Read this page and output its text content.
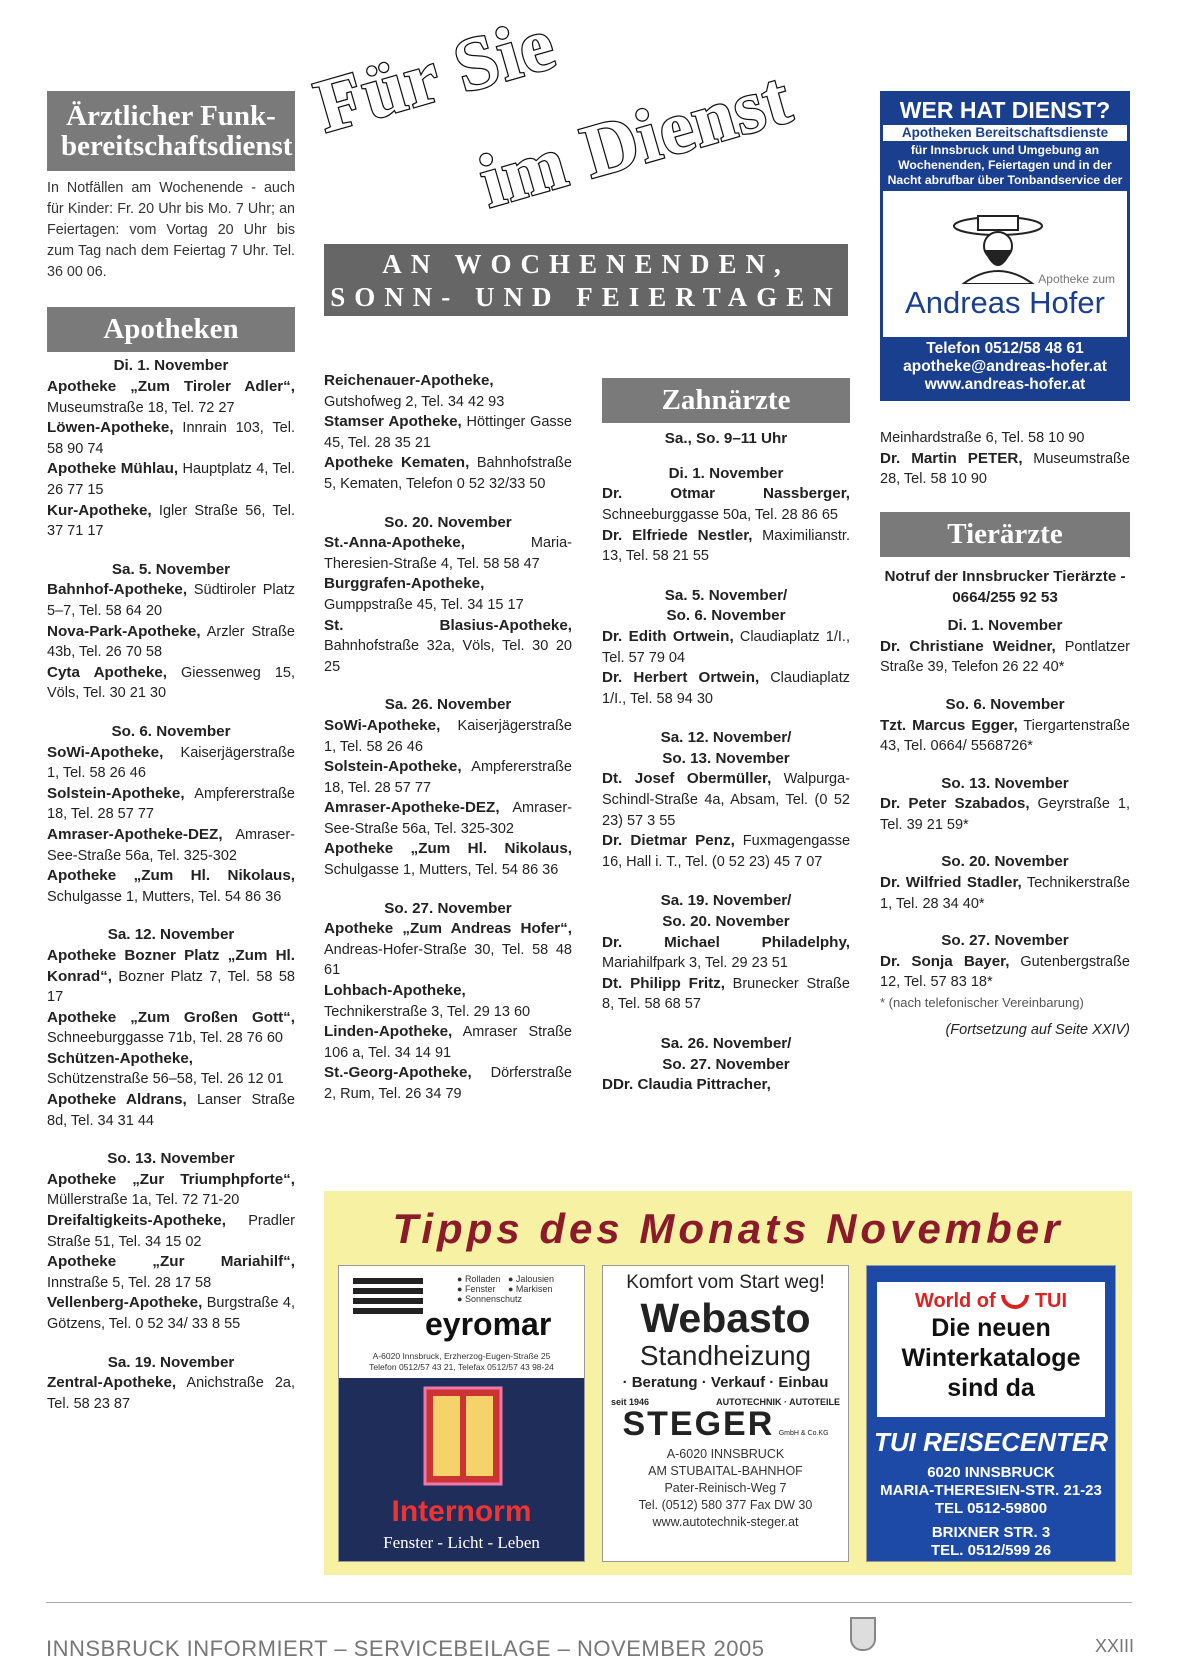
Ärztlicher Funk-bereitschaftsdienst
In Notfällen am Wochenende - auch für Kinder: Fr. 20 Uhr bis Mo. 7 Uhr; an Feiertagen: vom Vortag 20 Uhr bis zum Tag nach dem Feiertag 7 Uhr. Tel. 36 00 06.
Apotheken
Di. 1. November
Apotheke „Zum Tiroler Adler“, Museumstraße 18, Tel. 72 27
Löwen-Apotheke, Innrain 103, Tel. 58 90 74
Apotheke Mühlau, Hauptplatz 4, Tel. 26 77 15
Kur-Apotheke, Igler Straße 56, Tel. 37 71 17
Sa. 5. November
Bahnhof-Apotheke, Südtiroler Platz 5–7, Tel. 58 64 20
Nova-Park-Apotheke, Arzler Straße 43b, Tel. 26 70 58
Cyta Apotheke, Giessenweg 15, Völs, Tel. 30 21 30
So. 6. November
SoWi-Apotheke, Kaiserjägerstraße 1, Tel. 58 26 46
Solstein-Apotheke, Ampfererstraße 18, Tel. 28 57 77
Amraser-Apotheke-DEZ, Amraser-See-Straße 56a, Tel. 325-302
Apotheke „Zum Hl. Nikolaus, Schulgasse 1, Mutters, Tel. 54 86 36
Sa. 12. November
Apotheke Bozner Platz „Zum Hl. Konrad“, Bozner Platz 7, Tel. 58 58 17
Apotheke „Zum Großen Gott“, Schneeburggasse 71b, Tel. 28 76 60
Schützen-Apotheke, Schützenstraße 56–58, Tel. 26 12 01
Apotheke Aldrans, Lanser Straße 8d, Tel. 34 31 44
So. 13. November
Apotheke „Zur Triumphpforte“, Müllerstraße 1a, Tel. 72 71-20
Dreifaltigkeits-Apotheke, Pradler Straße 51, Tel. 34 15 02
Apotheke „Zur Mariahilf“, Innstraße 5, Tel. 28 17 58
Vellenberg-Apotheke, Burgstraße 4, Götzens, Tel. 0 52 34/ 33 8 55
Sa. 19. November
Zentral-Apotheke, Anichstraße 2a, Tel. 58 23 87
Für Sie
im Dienst
AN WOCHENENDEN,
SONN- UND FEIERTAGEN
Reichenauer-Apotheke, Gutshofweg 2, Tel. 34 42 93
Stamser Apotheke, Höttinger Gasse 45, Tel. 28 35 21
Apotheke Kematen, Bahnhofstraße 5, Kematen, Telefon 0 52 32/33 50
So. 20. November
St.-Anna-Apotheke, Maria-Theresien-Straße 4, Tel. 58 58 47
Burggrafen-Apotheke, Gumppstraße 45, Tel. 34 15 17
St. Blasius-Apotheke, Bahnhofstraße 32a, Völs, Tel. 30 20 25
Sa. 26. November
SoWi-Apotheke, Kaiserjägerstraße 1, Tel. 58 26 46
Solstein-Apotheke, Ampfererstraße 18, Tel. 28 57 77
Amraser-Apotheke-DEZ, Amraser-See-Straße 56a, Tel. 325-302
Apotheke „Zum Hl. Nikolaus, Schulgasse 1, Mutters, Tel. 54 86 36
So. 27. November
Apotheke „Zum Andreas Hofer“, Andreas-Hofer-Straße 30, Tel. 58 48 61
Lohbach-Apotheke, Technikerstraße 3, Tel. 29 13 60
Linden-Apotheke, Amraser Straße 106 a, Tel. 34 14 91
St.-Georg-Apotheke, Dörferstraße 2, Rum, Tel. 26 34 79
Zahnärzte
Sa., So. 9–11 Uhr
Di. 1. November
Dr. Otmar Nassberger, Schneeburggasse 50a, Tel. 28 86 65
Dr. Elfriede Nestler, Maximilianstr. 13, Tel. 58 21 55
Sa. 5. November/
So. 6. November
Dr. Edith Ortwein, Claudiaplatz 1/I., Tel. 57 79 04
Dr. Herbert Ortwein, Claudiaplatz 1/I., Tel. 58 94 30
Sa. 12. November/
So. 13. November
Dt. Josef Obermüller, Walpurga-Schindl-Straße 4a, Absam, Tel. (0 52 23) 57 3 55
Dr. Dietmar Penz, Fuxmagengasse 16, Hall i. T., Tel. (0 52 23) 45 7 07
Sa. 19. November/
So. 20. November
Dr. Michael Philadelphy, Mariahilfpark 3, Tel. 29 23 51
Dt. Philipp Fritz, Brunecker Straße 8, Tel. 58 68 57
Sa. 26. November/
So. 27. November
DDr. Claudia Pittracher,
WER HAT DIENST?
Apotheken Bereitschaftsdienste
für Innsbruck und Umgebung an Wochenenden, Feiertagen und in der Nacht abrufbar über Tonbandservice der
Apotheke zum
Andreas Hofer
Telefon 0512/58 48 61
apotheke@andreas-hofer.at
www.andreas-hofer.at
Meinhardstraße 6, Tel. 58 10 90
Dr. Martin PETER, Museumstraße 28, Tel. 58 10 90
Tierärzte
Notruf der Innsbrucker Tierärzte - 0664/255 92 53
Di. 1. November
Dr. Christiane Weidner, Pontlatzer Straße 39, Telefon 26 22 40*
So. 6. November
Tzt. Marcus Egger, Tiergartenstraße 43, Tel. 0664/ 5568726*
So. 13. November
Dr. Peter Szabados, Geyrstraße 1, Tel. 39 21 59*
So. 20. November
Dr. Wilfried Stadler, Technikerstraße 1, Tel. 28 34 40*
So. 27. November
Dr. Sonja Bayer, Gutenbergstraße 12, Tel. 57 83 18*
* (nach telefonischer Vereinbarung)
(Fortsetzung auf Seite XXIV)
Tipps des Monats November
● Rolladen   ● Jalousien
● Fenster     ● Markisen
● Sonnenschutz
eyromar
A-6020 Innsbruck, Erzherzog-Eugen-Straße 25
Telefon 0512/57 43 21, Telefax 0512/57 43 98-24
Internorm
Fenster - Licht - Leben
Komfort vom Start weg!
Webasto
Standheizung
· Beratung · Verkauf · Einbau
seit 1946	AUTOTECHNIK · AUTOTEILE
STEGER GmbH & Co.KG
A-6020 INNSBRUCK
AM STUBAITAL-BAHNHOF
Pater-Reinisch-Weg 7
Tel. (0512) 580 377 Fax DW 30
www.autotechnik-steger.at
World of TUI
Die neuen
Winterkataloge
sind da
TUI REISECENTER
6020 INNSBRUCK
MARIA-THERESIEN-STR. 21-23
TEL 0512-59800
BRIXNER STR. 3
TEL. 0512/599 26
INNSBRUCK INFORMIERT – SERVICEBEILAGE – NOVEMBER 2005	XXIII
